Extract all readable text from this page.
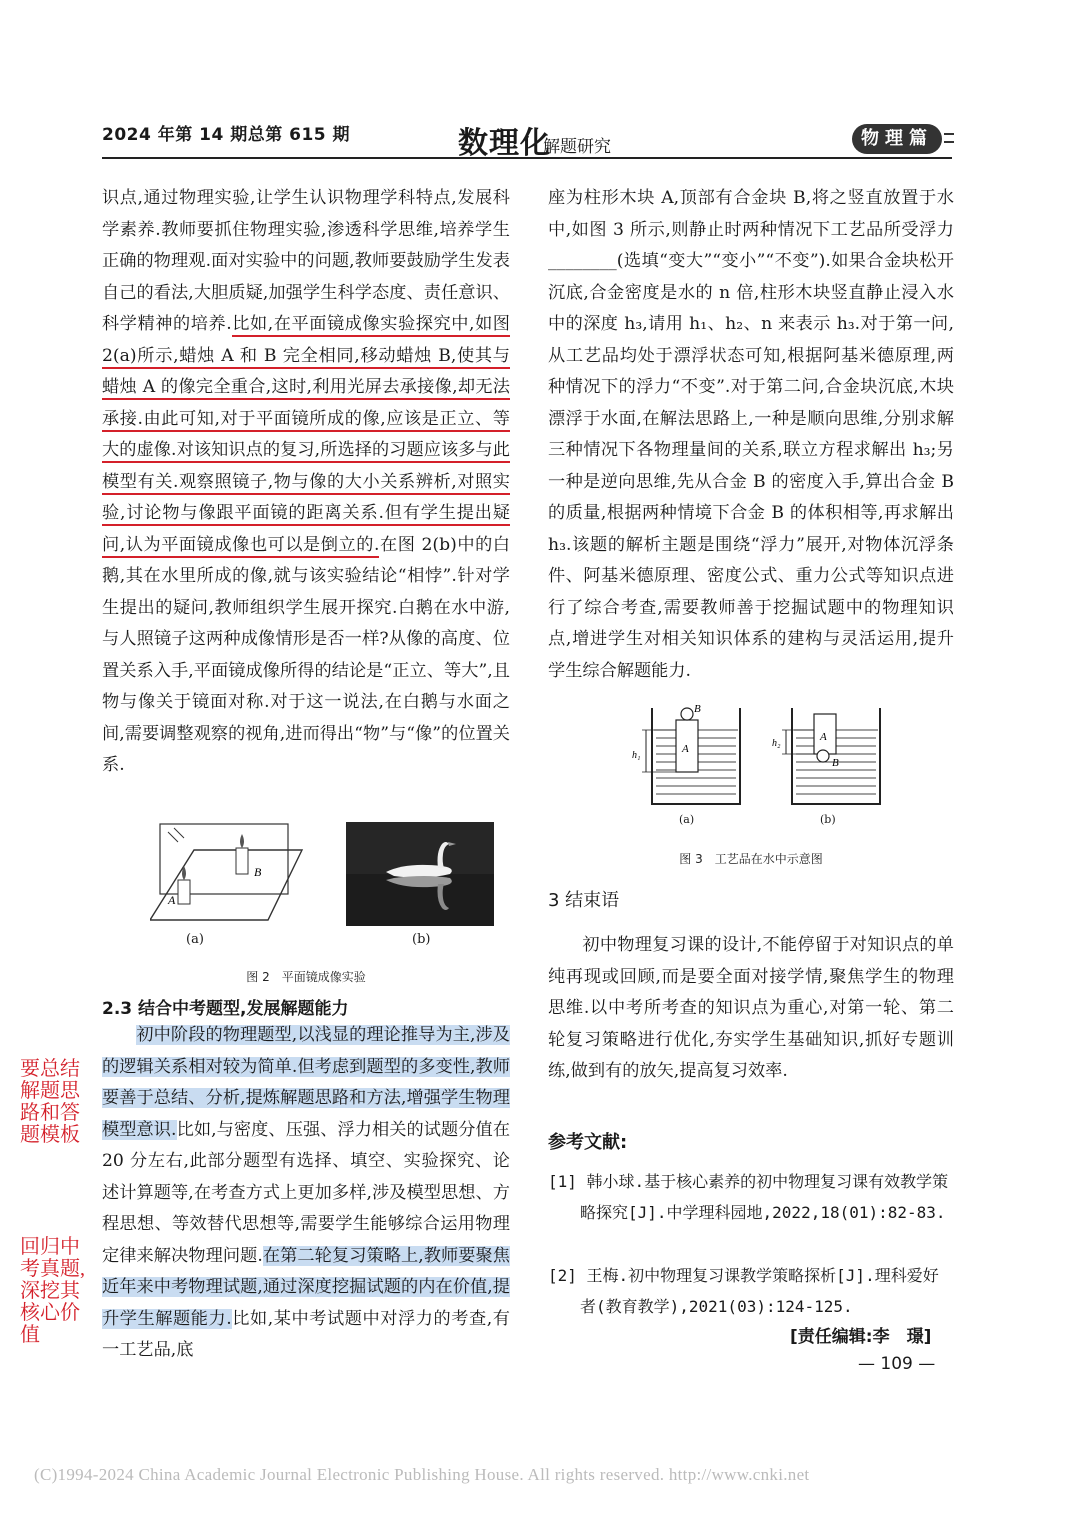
2024 年第 14 期总第 615 期	数理化
解题研究	物理篇

识点,通过物理实验,让学生认识物理学科特点,发展科学素养.教师要抓住物理实验,渗透科学思维,培养学生正确的物理观.面对实验中的问题,教师要鼓励学生发表自己的看法,大胆质疑,加强学生科学态度、责任意识、科学精神的培养.比如,在平面镜成像实验探究中,如图 2(a)所示,蜡烛 A 和 B 完全相同,移动蜡烛 B,使其与蜡烛 A 的像完全重合,这时,利用光屏去承接像,却无法承接.由此可知,对于平面镜所成的像,应该是正立、等大的虚像.对该知识点的复习,所选择的习题应该多与此模型有关.观察照镜子,物与像的大小关系辨析,对照实验,讨论物与像跟平面镜的距离关系.但有学生提出疑问,认为平面镜成像也可以是倒立的.在图 2(b)中的白鹅,其在水里所成的像,就与该实验结论“相悖”.针对学生提出的疑问,教师组织学生展开探究.白鹅在水中游,与人照镜子这两种成像情形是否一样?从像的高度、位置关系入手,平面镜成像所得的结论是“正立、等大”,且物与像关于镜面对称.对于这一说法,在白鹅与水面之间,需要调整观察的视角,进而得出“物”与“像”的位置关系.

A
B
(a)	(b)
图 2　平面镜成像实验
2.3 结合中考题型,发展解题能力

初中阶段的物理题型,以浅显的理论推导为主,涉及的逻辑关系相对较为简单.但考虑到题型的多变性,教师要善于总结、分析,提炼解题思路和方法,增强学生物理模型意识.比如,与密度、压强、浮力相关的试题分值在 20 分左右,此部分题型有选择、填空、实验探究、论述计算题等,在考查方式上更加多样,涉及模型思想、方程思想、等效替代思想等,需要学生能够综合运用物理定律来解决物理问题.在第二轮复习策略上,教师要聚焦近年来中考物理试题,通过深度挖掘试题的内在价值,提升学生解题能力.比如,某中考试题中对浮力的考查,有一工艺品,底

要总结解题思路和答题模板
回归中考真题,深挖其核心价值

座为柱形木块 A,顶部有合金块 B,将之竖直放置于水中,如图 3 所示,则静止时两种情况下工艺品所受浮力________(选填“变大”“变小”“不变”).如果合金块松开沉底,合金密度是水的 n 倍,柱形木块竖直静止浸入水中的深度 h₃,请用 h₁、h₂、n 来表示 h₃.对于第一问,从工艺品均处于漂浮状态可知,根据阿基米德原理,两种情况下的浮力“不变”.对于第二问,合金块沉底,木块漂浮于水面,在解法思路上,一种是顺向思维,分别求解三种情况下各物理量间的关系,联立方程求解出 h₃;另一种是逆向思维,先从合金 B 的密度入手,算出合金 B 的质量,根据两种情境下合金 B 的体积相等,再求解出 h₃.该题的解析主题是围绕“浮力”展开,对物体沉浮条件、阿基米德原理、密度公式、重力公式等知识点进行了综合考查,需要教师善于挖掘试题中的物理知识点,增进学生对相关知识体系的建构与灵活运用,提升学生综合解题能力.

A
B
h₁
A
B
h₂
(a)	(b)
图 3　工艺品在水中示意图
3 结束语

初中物理复习课的设计,不能停留于对知识点的单纯再现或回顾,而是要全面对接学情,聚焦学生的物理思维.以中考所考查的知识点为重心,对第一轮、第二轮复习策略进行优化,夯实学生基础知识,抓好专题训练,做到有的放矢,提高复习效率.

参考文献:
[1] 韩小球.基于核心素养的初中物理复习课有效教学策略探究[J].中学理科园地,2022,18(01):82-83.
[2] 王梅.初中物理复习课教学策略探析[J].理科爱好者(教育教学),2021(03):124-125.
[责任编辑:李　璟]
— 109 —
(C)1994-2024 China Academic Journal Electronic Publishing House. All rights reserved. http://www.cnki.net
